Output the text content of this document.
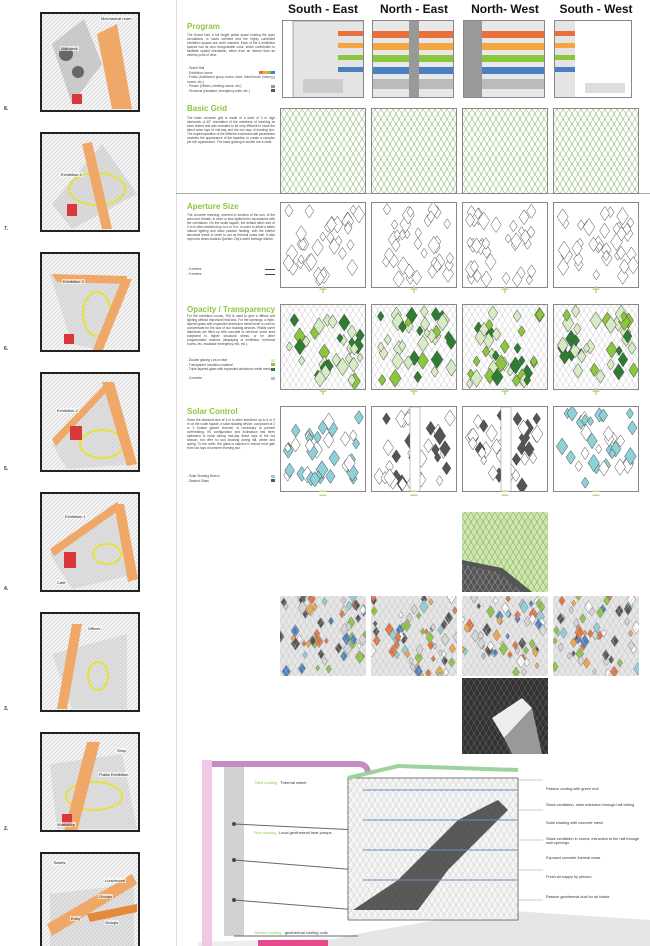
Mechanical room
Sun deck
8.
Exhibition 4
7.
Exhibition 3
6.
Exhibition 2
5.
Exhibition 1
Café
4.
Offices
3.
Public Exhibition
Shop
Workshop
2.
Tickets
Lunchroom
Groups
Groups
Entry
South - East	North - East	North- West	South - West
Program
The Grand Hall, a full height public space hosting the open circulations, is south oriented and the highly controlled exhibition spaces are north oriented. Each of the 4 exhibition spaces has its own recognizable color, which contributes to facilitate spatial orientation, either from an interior than an exterior point of view.
- Grand Hall
- Exhibition rooms
- Public (Auditorium group rooms, store, ticket booth, locker rooms, etc.)
- Private (Offices, meeting rooms, etc.)
- Technical (escalator, emergency exits, etc.)
Basic Grid
The basic concrete grid is made of a seed of 3 m high diamonds. A 60° orientation of the members of meshing as been tested and was revealed to be very efficient to block the direct solar rays of mid-day and the low rays of evening sun. The superimposition of the different environmental parameters modeles the appearance of the façades, to create a complex yet rich appearance. The basic glazing is double low-e clear.
Aperture Size
The concrete meshing, oriented in function of the sun, of the wind and climate, is more or less lightened in accordance with the orientation. On the south façade, the default stitch size of 3 m is often stretched up to 6 or 9 m, in order to admit a better natural lighting and allow passive heating, with the interior structural frame in order to act as thermal mass wall. It also improves views towards Québec City's world heritage district.
- 6 meters
- 9 meters
+	+	+	+
Opacity / Transparency
For the exhibition rooms, TIM is used to give a diffuse soft lighting without important heat loss. For the openings, a triple-layered glass with expanded aluminium metal mesh is used to compensate for the lack of sun shading devices. Finally some diamonds are filled up with concrete to reinforce some area subjected to higher structural stress, or for other programmatic reasons (displaying of exhibition, technical rooms, etc, escalator emergency exit, etc.).
- Double glazing Low-e clear
- Transparent Insulation material
- Triple-layered glass with expanded aluminium metal mesh
- Concrete
+	+	+	+
Solar Control
Since the diamond size of 3 m is often stretched up to 6 or 9 m on the south façade, a solar shading device, composed of 2 or 3 frosted glazed channel, is necessary to prevent overheating. It's configuration and inclinaison has been optimised to block strong mid-day direct rays of the hot season, but offer no sun blocking during fall, winter and spring. To the north, the glass is stained to reduce heat gain from low rays of summer evening sun.
- Solar Shading Device
- Stained Glass
=	=	=	=
Third cooling : Thermal wheel
First cooling : Local geothermal heat pumps
Second cooling : geothermal cooling coils
Passive cooling with green roof
Stack ventilation, main extraction through hall ceiling
Solar shading with concrete mesh
Stack ventilation in rooms; extraction to the hall through wall openings
Exposed concrete thermal mass
Fresh air supply by plenum
Passive geothermal duct for air intake
